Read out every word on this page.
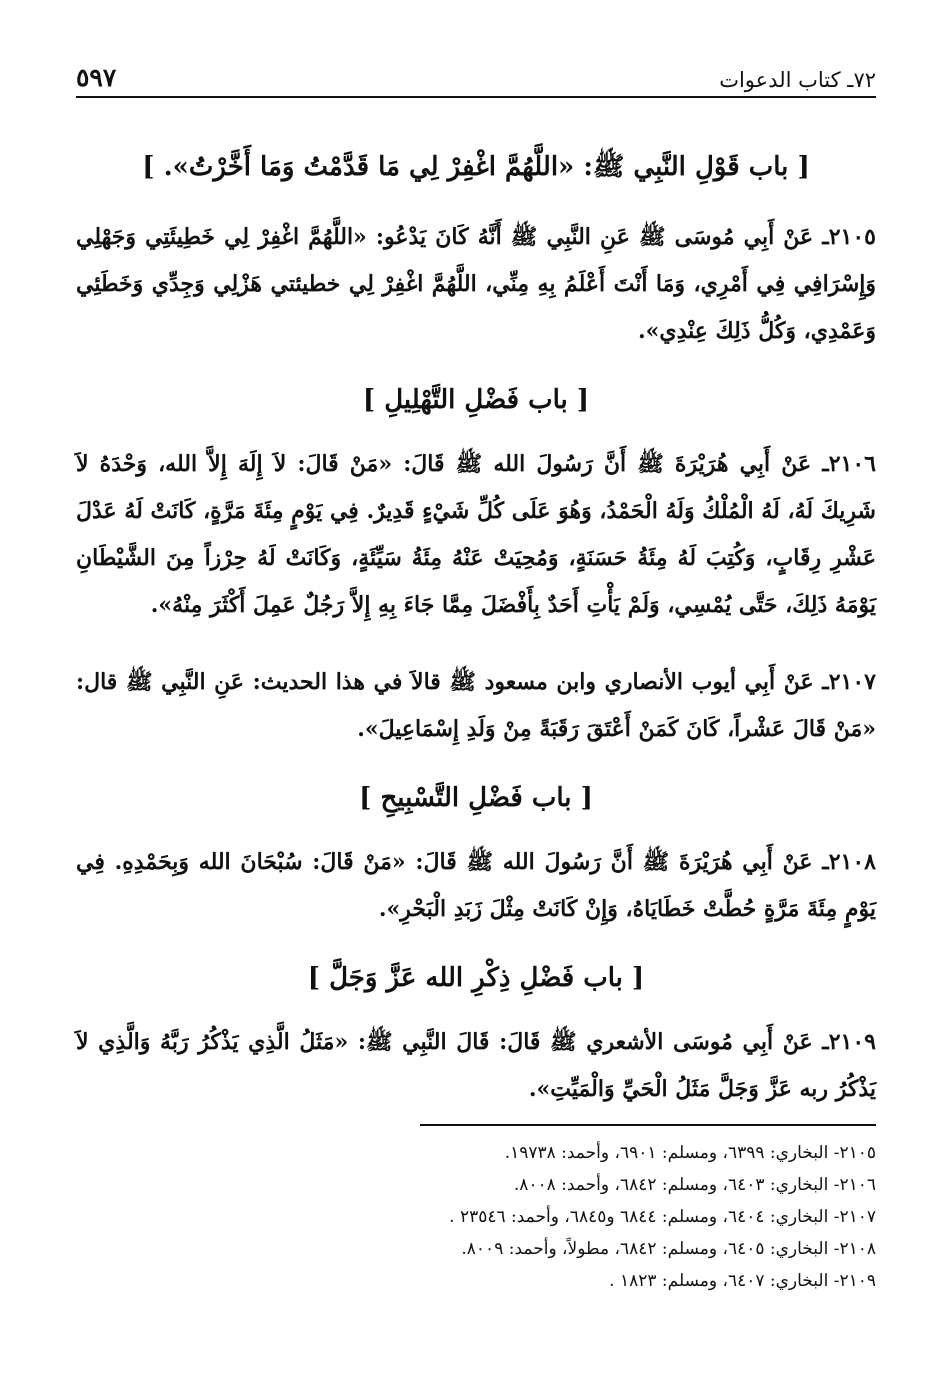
٧٢ـ كتاب الدعوات
٥٩٧
[ باب قَوْلِ النَّبِي ﷺ: «اللَّهُمَّ اغْفِرْ لِي مَا قَدَّمْتُ وَمَا أَخَّرْتُ». ]

٢١٠٥ـ عَنْ أَبِي مُوسَى ﷺ عَنِ النَّبِي ﷺ أَنَّهُ كَانَ يَدْعُو: «اللَّهُمَّ اغْفِرْ لِي خَطِيئَتِي وَجَهْلِي وَإِسْرَافِي فِي أَمْرِي، وَمَا أَنْتَ أَعْلَمُ بِهِ مِنِّي، اللَّهُمَّ اغْفِرْ لِي خطيئتي هَزْلِي وَجِدِّي وَخَطَئِي وَعَمْدِي، وَكُلُّ ذَلِكَ عِنْدِي».

[ باب فَضْلِ التَّهْلِيلِ ]

٢١٠٦ـ عَنْ أَبِي هُرَيْرَةَ ﷺ أَنَّ رَسُولَ الله ﷺ قَالَ: «مَنْ قَالَ: لاَ إِلَهَ إِلاَّ الله، وَحْدَهُ لاَ شَرِيكَ لَهُ، لَهُ الْمُلْكُ وَلَهُ الْحَمْدُ، وَهُوَ عَلَى كُلِّ شَيْءٍ قَدِيرٌ. فِي يَوْمٍ مِئَةَ مَرَّةٍ، كَانَتْ لَهُ عَدْلَ عَشْرِ رِقَابٍ، وَكُتِبَ لَهُ مِئَةُ حَسَنَةٍ، وَمُحِيَتْ عَنْهُ مِئَةُ سَيِّئَةٍ، وَكَانَتْ لَهُ حِرْزاً مِنَ الشَّيْطَانِ يَوْمَهُ ذَلِكَ، حَتَّى يُمْسِي، وَلَمْ يَأْتِ أَحَدٌ بِأَفْضَلَ مِمَّا جَاءَ بِهِ إِلاَّ رَجُلٌ عَمِلَ أَكْثَرَ مِنْهُ».

٢١٠٧ـ عَنْ أَبِي أيوب الأنصاري وابن مسعود ﷺ قالاَ في هذا الحديث: عَنِ النَّبِي ﷺ قال: «مَنْ قَالَ عَشْراً، كَانَ كَمَنْ أَعْتَقَ رَقَبَةً مِنْ وَلَدِ إِسْمَاعِيلَ».

[ باب فَضْلِ التَّسْبِيحِ ]

٢١٠٨ـ عَنْ أَبِي هُرَيْرَةَ ﷺ أَنَّ رَسُولَ الله ﷺ قَالَ: «مَنْ قَالَ: سُبْحَانَ الله وَبِحَمْدِهِ. فِي يَوْمٍ مِئَةَ مَرَّةٍ حُطَّتْ خَطَايَاهُ، وَإِنْ كَانَتْ مِثْلَ زَبَدِ الْبَحْرِ».

[ باب فَضْلِ ذِكْرِ الله عَزَّ وَجَلَّ ]

٢١٠٩ـ عَنْ أَبِي مُوسَى الأشعري ﷺ قَالَ: قَالَ النَّبِي ﷺ: «مَثَلُ الَّذِي يَذْكُرُ رَبَّهُ وَالَّذِي لاَ يَذْكُرُ ربه عَزَّ وَجَلَّ مَثَلُ الْحَيِّ وَالْمَيِّتِ».

٢١٠٥- البخاري: ٦٣٩٩، ومسلم: ٦٩٠١، وأحمد: ١٩٧٣٨.
٢١٠٦- البخاري: ٦٤٠٣، ومسلم: ٦٨٤٢، وأحمد: ٨٠٠٨.
٢١٠٧- البخاري: ٦٤٠٤، ومسلم: ٦٨٤٤ و٦٨٤٥، وأحمد: ٢٣٥٤٦ .
٢١٠٨- البخاري: ٦٤٠٥، ومسلم: ٦٨٤٢، مطولاً، وأحمد: ٨٠٠٩.
٢١٠٩- البخاري: ٦٤٠٧، ومسلم: ١٨٢٣ .
